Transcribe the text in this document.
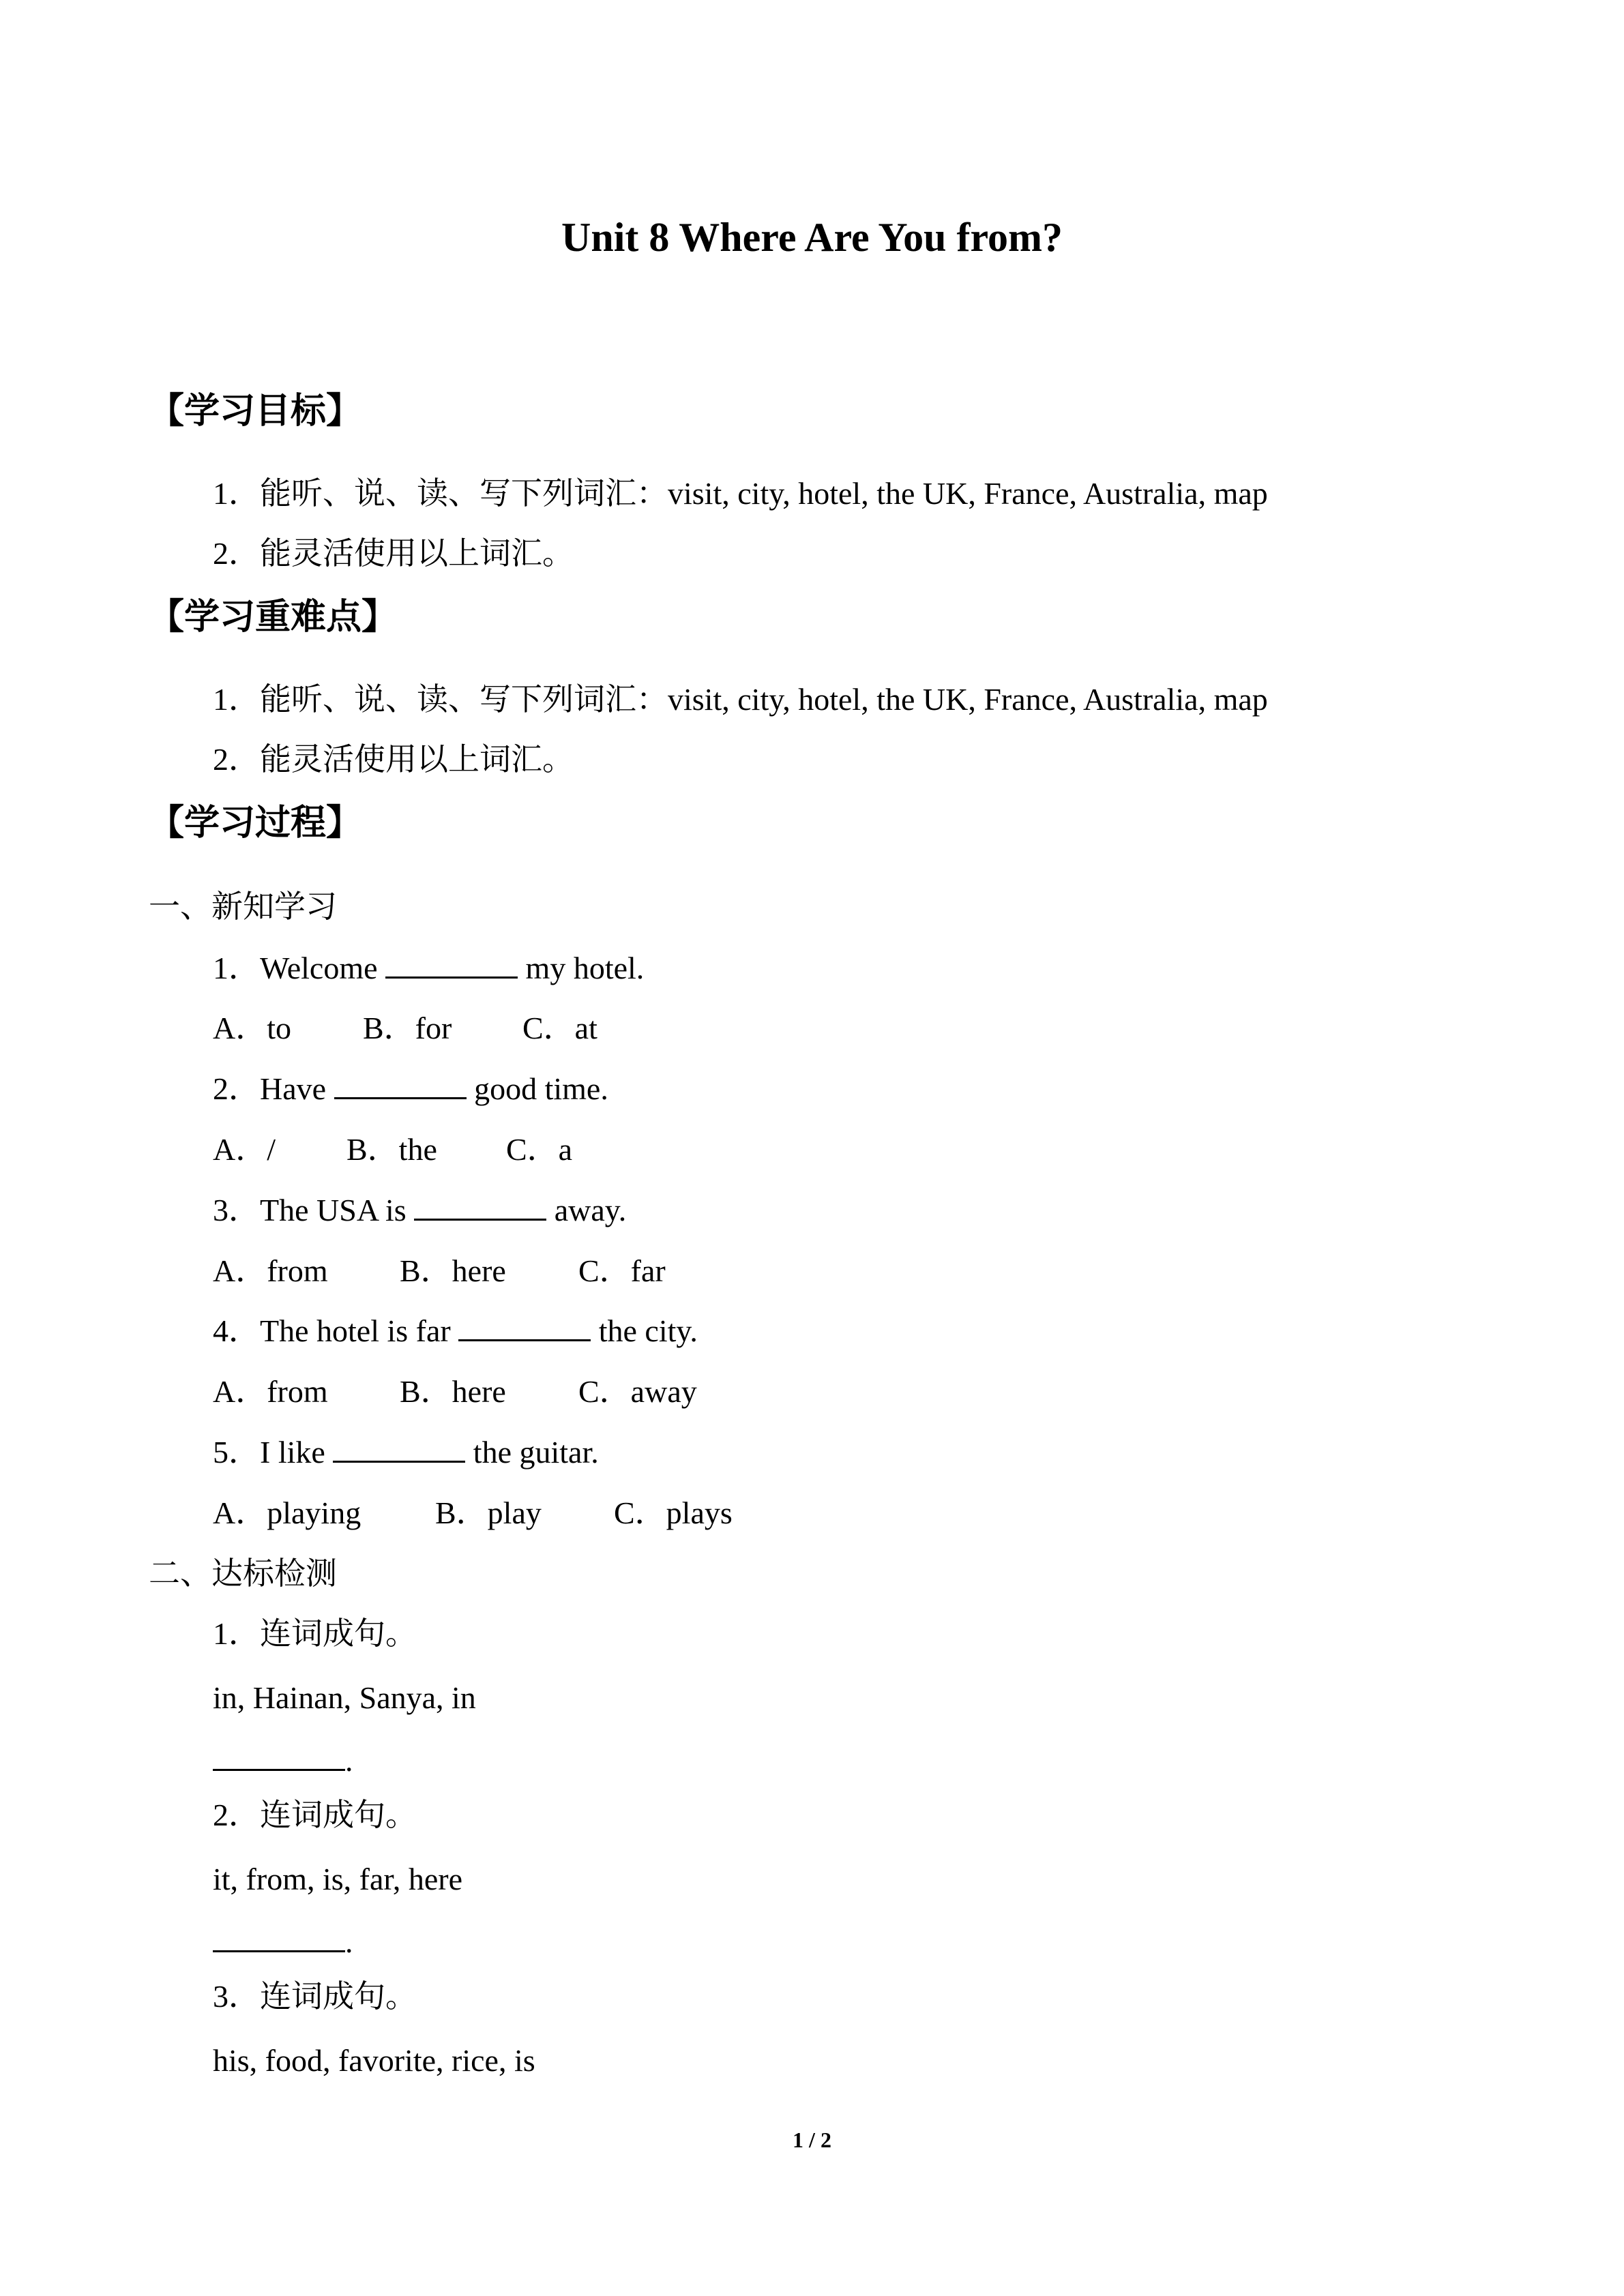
Unit 8 Where Are You from?
【学习目标】
1．能听、说、读、写下列词汇：visit, city, hotel, the UK, France, Australia, map
2．能灵活使用以上词汇。
【学习重难点】
1．能听、说、读、写下列词汇：visit, city, hotel, the UK, France, Australia, map
2．能灵活使用以上词汇。
【学习过程】
一、新知学习
1．Welcome	my hotel.
A．to B．for C．at
2．Have	good time.
A．/ B．the C．a
3．The USA is	away.
A．from B．here C．far
4．The hotel is far	the city.
A．from B．here C．away
5．I like	the guitar.
A．playing B．play C．plays
二、达标检测
1．连词成句。
in, Hainan, Sanya, in
.
2．连词成句。
it, from, is, far, here
.
3．连词成句。
his, food, favorite, rice, is
1 / 2
